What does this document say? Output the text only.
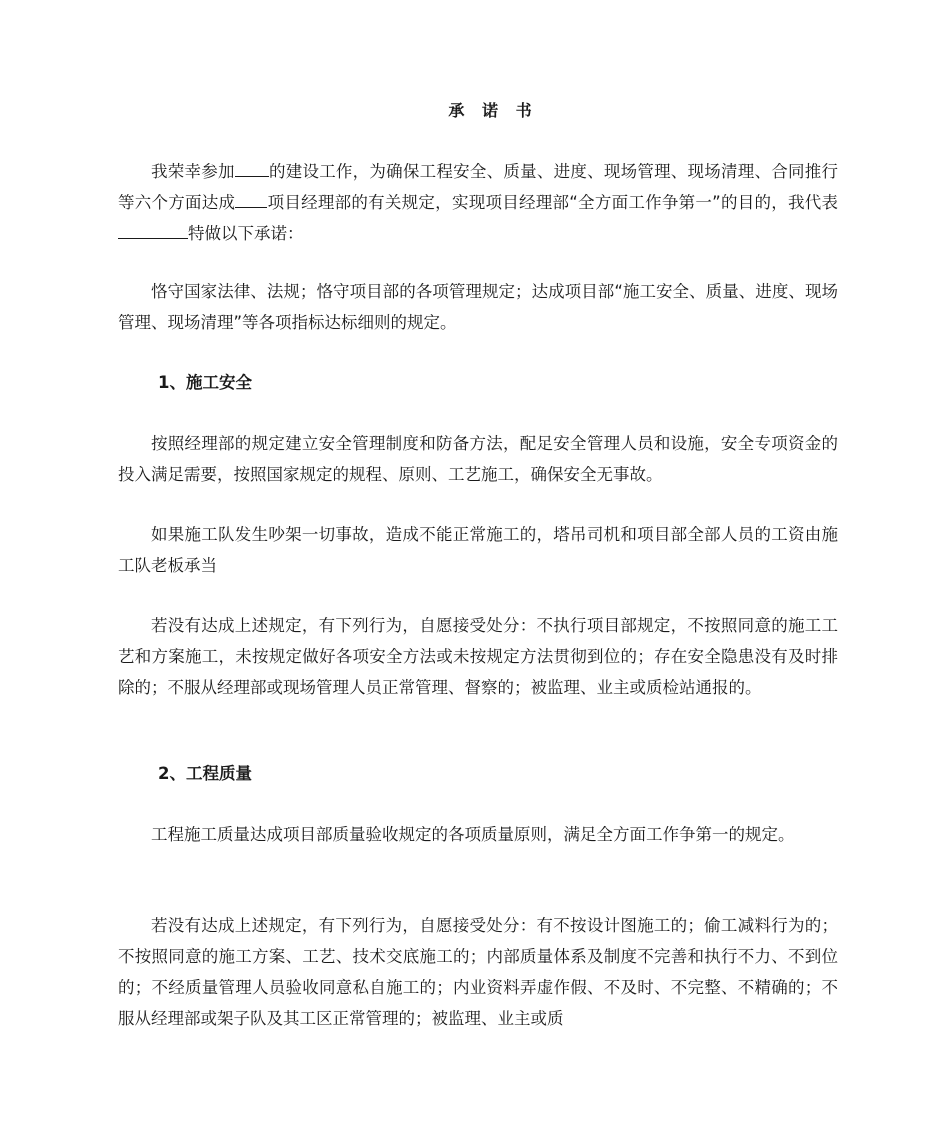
承 诺 书

我荣幸参加 的建设工作，为确保工程安全、质量、进度、现场管理、现场清理、合同推行等六个方面达成 项目经理部的有关规定，实现项目经理部“全方面工作争第一”的目的，我代表特做以下承诺：

恪守国家法律、法规；恪守项目部的各项管理规定；达成项目部“施工安全、质量、进度、现场管理、现场清理”等各项指标达标细则的规定。

1、施工安全

按照经理部的规定建立安全管理制度和防备方法，配足安全管理人员和设施，安全专项资金的投入满足需要，按照国家规定的规程、原则、工艺施工，确保安全无事故。

如果施工队发生吵架一切事故，造成不能正常施工的，塔吊司机和项目部全部人员的工资由施工队老板承当

若没有达成上述规定，有下列行为，自愿接受处分：不执行项目部规定，不按照同意的施工工艺和方案施工，未按规定做好各项安全方法或未按规定方法贯彻到位的；存在安全隐患没有及时排除的；不服从经理部或现场管理人员正常管理、督察的；被监理、业主或质检站通报的。

2、工程质量

工程施工质量达成项目部质量验收规定的各项质量原则，满足全方面工作争第一的规定。

若没有达成上述规定，有下列行为，自愿接受处分：有不按设计图施工的；偷工减料行为的；不按照同意的施工方案、工艺、技术交底施工的；内部质量体系及制度不完善和执行不力、不到位的；不经质量管理人员验收同意私自施工的；内业资料弄虚作假、不及时、不完整、不精确的；不服从经理部或架子队及其工区正常管理的；被监理、业主或质
